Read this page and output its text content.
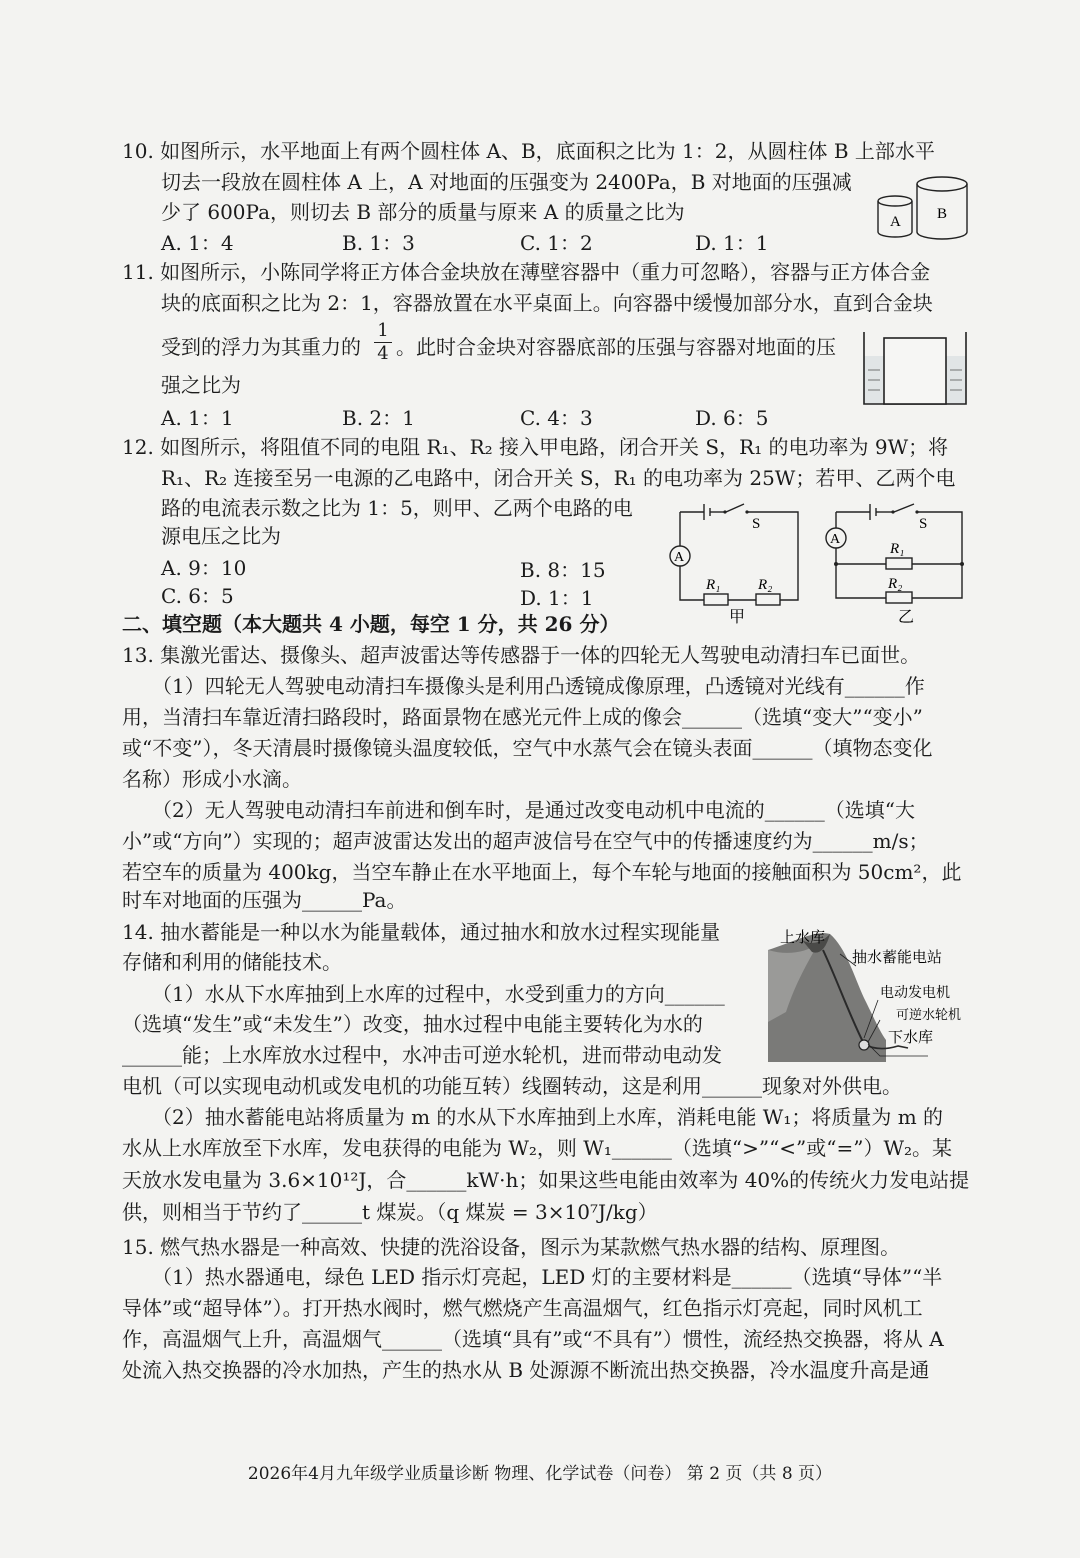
10. 如图所示，水平地面上有两个圆柱体 A、B，底面积之比为 1：2，从圆柱体 B 上部水平
切去一段放在圆柱体 A 上，A 对地面的压强变为 2400Pa，B 对地面的压强减
少了 600Pa，则切去 B 部分的质量与原来 A 的质量之比为
A. 1：4	B. 1：3	C. 1：2	D. 1：1
A B
11. 如图所示，小陈同学将正方体合金块放在薄壁容器中（重力可忽略），容器与正方体合金
块的底面积之比为 2：1，容器放置在水平桌面上。向容器中缓慢加部分水，直到合金块
受到的浮力为其重力的 $\frac{1}{4}$ 。此时合金块对容器底部的压强与容器对地面的压
强之比为
A. 1：1	B. 2：1	C. 4：3	D. 6：5
12. 如图所示，将阻值不同的电阻 R₁、R₂ 接入甲电路，闭合开关 S，R₁ 的电功率为 9W；将
R₁、R₂ 连接至另一电源的乙电路中，闭合开关 S，R₁ 的电功率为 25W；若甲、乙两个电
路的电流表示数之比为 1：5，则甲、乙两个电路的电
源电压之比为
A. 9：10	B. 8：15
C. 6：5	D. 1：1
A
S
R₁	R₂
甲
A
S
R₁
R₂
乙
二、填空题（本大题共 4 小题，每空 1 分，共 26 分）
13. 集激光雷达、摄像头、超声波雷达等传感器于一体的四轮无人驾驶电动清扫车已面世。
（1）四轮无人驾驶电动清扫车摄像头是利用凸透镜成像原理，凸透镜对光线有______作
用，当清扫车靠近清扫路段时，路面景物在感光元件上成的像会______（选填“变大”“变小”
或“不变”），冬天清晨时摄像镜头温度较低，空气中水蒸气会在镜头表面______（填物态变化
名称）形成小水滴。
（2）无人驾驶电动清扫车前进和倒车时，是通过改变电动机中电流的______（选填“大
小”或“方向”）实现的；超声波雷达发出的超声波信号在空气中的传播速度约为______m/s；
若空车的质量为 400kg，当空车静止在水平地面上，每个车轮与地面的接触面积为 50cm²，此
时车对地面的压强为______Pa。
14. 抽水蓄能是一种以水为能量载体，通过抽水和放水过程实现能量
存储和利用的储能技术。
（1）水从下水库抽到上水库的过程中，水受到重力的方向______
（选填“发生”或“未发生”）改变，抽水过程中电能主要转化为水的
______能；上水库放水过程中，水冲击可逆水轮机，进而带动电动发
电机（可以实现电动机或发电机的功能互转）线圈转动，这是利用______现象对外供电。
（2）抽水蓄能电站将质量为 m 的水从下水库抽到上水库，消耗电能 W₁；将质量为 m 的
水从上水库放至下水库，发电获得的电能为 W₂，则 W₁______（选填“>”“<”或“=”）W₂。某
天放水发电量为 3.6×10¹²J，合______kW·h；如果这些电能由效率为 40%的传统火力发电站提
供，则相当于节约了______t 煤炭。（q 煤炭 = 3×10⁷J/kg）
上水库
抽水蓄能电站
电动发电机
可逆水轮机
下水库
15. 燃气热水器是一种高效、快捷的洗浴设备，图示为某款燃气热水器的结构、原理图。
（1）热水器通电，绿色 LED 指示灯亮起，LED 灯的主要材料是______（选填“导体”“半
导体”或“超导体”）。打开热水阀时，燃气燃烧产生高温烟气，红色指示灯亮起，同时风机工
作，高温烟气上升，高温烟气______（选填“具有”或“不具有”）惯性，流经热交换器，将从 A
处流入热交换器的冷水加热，产生的热水从 B 处源源不断流出热交换器，冷水温度升高是通
2026年4月九年级学业质量诊断 物理、化学试卷（问卷） 第 2 页（共 8 页）
